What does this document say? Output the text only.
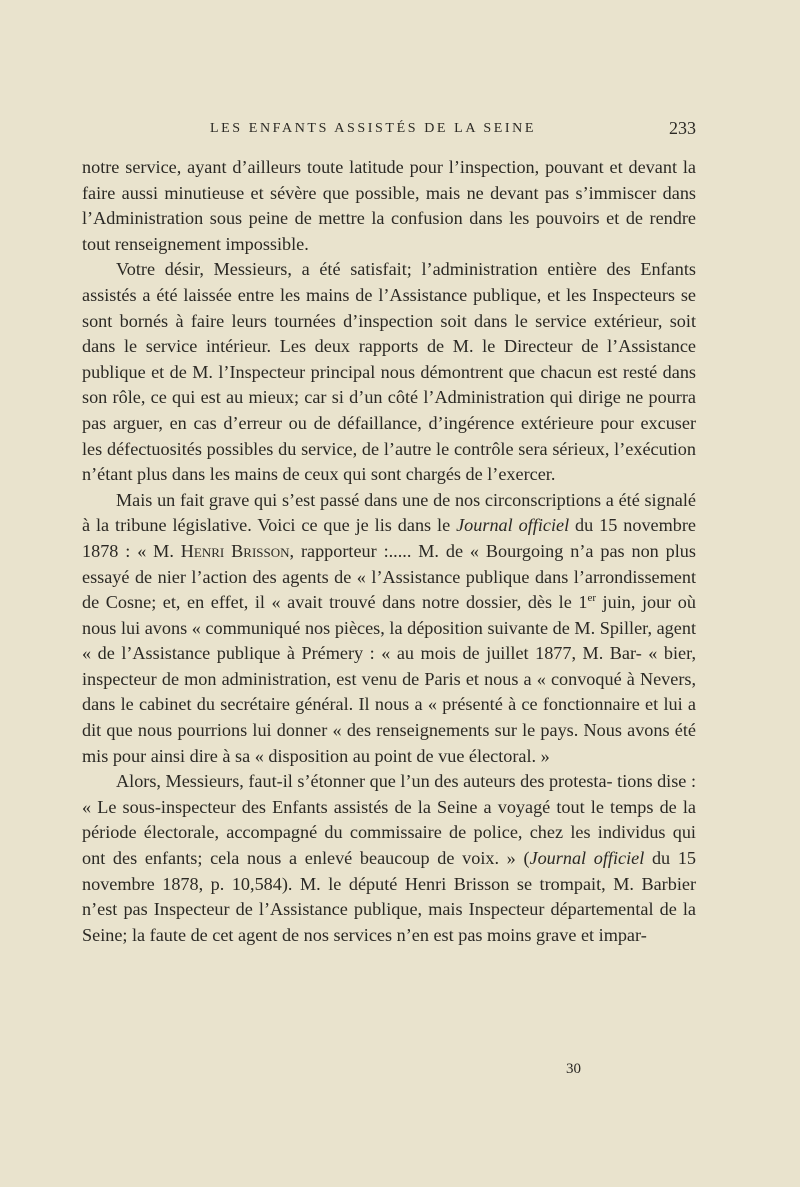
LES ENFANTS ASSISTÉS DE LA SEINE	233

notre service, ayant d’ailleurs toute latitude pour l’inspection, pouvant et devant la faire aussi minutieuse et sévère que possible, mais ne devant pas s’immiscer dans l’Administration sous peine de mettre la confusion dans les pouvoirs et de rendre tout renseignement impossible.

Votre désir, Messieurs, a été satisfait; l’administration entière des Enfants assistés a été laissée entre les mains de l’Assistance publique, et les Inspecteurs se sont bornés à faire leurs tournées d’inspection soit dans le service extérieur, soit dans le service intérieur. Les deux rapports de M. le Directeur de l’Assistance publique et de M. l’Inspecteur principal nous démontrent que chacun est resté dans son rôle, ce qui est au mieux; car si d’un côté l’Administration qui dirige ne pourra pas arguer, en cas d’erreur ou de défaillance, d’ingérence extérieure pour excuser les défectuosités possibles du service, de l’autre le contrôle sera sérieux, l’exécution n’étant plus dans les mains de ceux qui sont chargés de l’exercer.

Mais un fait grave qui s’est passé dans une de nos circonscriptions a été signalé à la tribune législative. Voici ce que je lis dans le Journal officiel du 15 novembre 1878 : « M. Henri Brisson, rapporteur :..... M. de « Bourgoing n’a pas non plus essayé de nier l’action des agents de « l’Assistance publique dans l’arrondissement de Cosne; et, en effet, il « avait trouvé dans notre dossier, dès le 1er juin, jour où nous lui avons « communiqué nos pièces, la déposition suivante de M. Spiller, agent « de l’Assistance publique à Prémery : « au mois de juillet 1877, M. Bar- « bier, inspecteur de mon administration, est venu de Paris et nous a « convoqué à Nevers, dans le cabinet du secrétaire général. Il nous a « présenté à ce fonctionnaire et lui a dit que nous pourrions lui donner « des renseignements sur le pays. Nous avons été mis pour ainsi dire à sa « disposition au point de vue électoral. »

Alors, Messieurs, faut-il s’étonner que l’un des auteurs des protesta- tions dise : « Le sous-inspecteur des Enfants assistés de la Seine a voyagé tout le temps de la période électorale, accompagné du commissaire de police, chez les individus qui ont des enfants; cela nous a enlevé beaucoup de voix. » (Journal officiel du 15 novembre 1878, p. 10,584). M. le député Henri Brisson se trompait, M. Barbier n’est pas Inspecteur de l’Assistance publique, mais Inspecteur départemental de la Seine; la faute de cet agent de nos services n’en est pas moins grave et impar-

30
